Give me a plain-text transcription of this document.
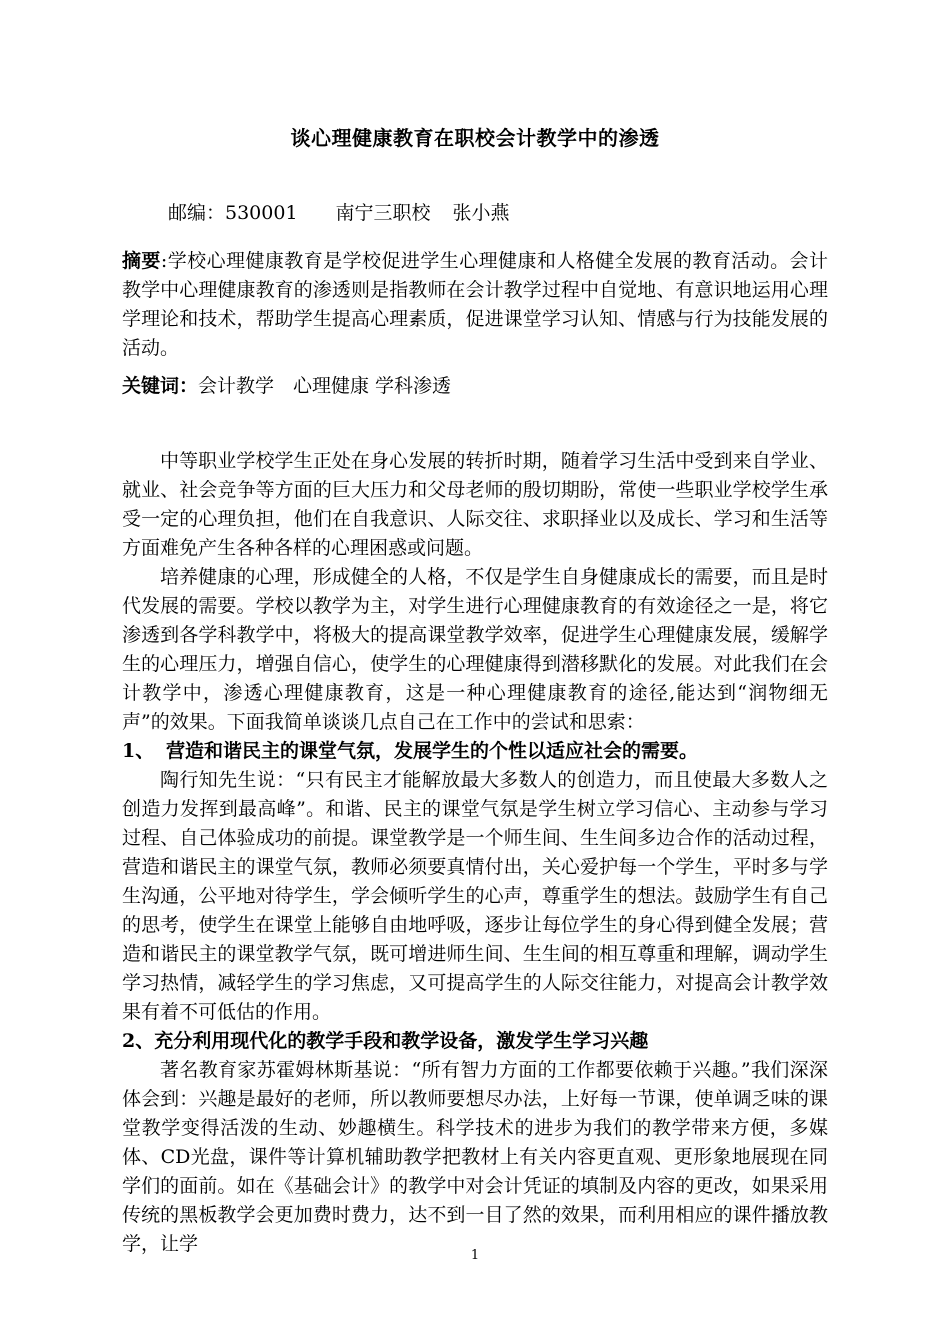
谈心理健康教育在职校会计教学中的渗透
邮编：530001 南宁三职校 张小燕
摘要:学校心理健康教育是学校促进学生心理健康和人格健全发展的教育活动。会计教学中心理健康教育的渗透则是指教师在会计教学过程中自觉地、有意识地运用心理学理论和技术，帮助学生提高心理素质，促进课堂学习认知、情感与行为技能发展的活动。
关键词：会计教学　心理健康 学科渗透

中等职业学校学生正处在身心发展的转折时期，随着学习生活中受到来自学业、就业、社会竞争等方面的巨大压力和父母老师的殷切期盼，常使一些职业学校学生承受一定的心理负担，他们在自我意识、人际交往、求职择业以及成长、学习和生活等方面难免产生各种各样的心理困惑或问题。

培养健康的心理，形成健全的人格，不仅是学生自身健康成长的需要，而且是时代发展的需要。学校以教学为主，对学生进行心理健康教育的有效途径之一是，将它渗透到各学科教学中，将极大的提高课堂教学效率，促进学生心理健康发展，缓解学生的心理压力，增强自信心，使学生的心理健康得到潜移默化的发展。对此我们在会计教学中，渗透心理健康教育，这是一种心理健康教育的途径,能达到“润物细无声”的效果。下面我简单谈谈几点自己在工作中的尝试和思索：

1、 营造和谐民主的课堂气氛，发展学生的个性以适应社会的需要。

陶行知先生说：“只有民主才能解放最大多数人的创造力，而且使最大多数人之创造力发挥到最高峰”。和谐、民主的课堂气氛是学生树立学习信心、主动参与学习过程、自己体验成功的前提。课堂教学是一个师生间、生生间多边合作的活动过程，营造和谐民主的课堂气氛，教师必须要真情付出，关心爱护每一个学生，平时多与学生沟通，公平地对待学生，学会倾听学生的心声，尊重学生的想法。鼓励学生有自己的思考，使学生在课堂上能够自由地呼吸，逐步让每位学生的身心得到健全发展；营造和谐民主的课堂教学气氛，既可增进师生间、生生间的相互尊重和理解，调动学生学习热情，减轻学生的学习焦虑，又可提高学生的人际交往能力，对提高会计教学效果有着不可低估的作用。

2、充分利用现代化的教学手段和教学设备，激发学生学习兴趣

著名教育家苏霍姆林斯基说：“所有智力方面的工作都要依赖于兴趣。”我们深深体会到：兴趣是最好的老师，所以教师要想尽办法，上好每一节课，使单调乏味的课堂教学变得活泼的生动、妙趣横生。科学技术的进步为我们的教学带来方便，多媒体、CD光盘，课件等计算机辅助教学把教材上有关内容更直观、更形象地展现在同学们的面前。如在《基础会计》的教学中对会计凭证的填制及内容的更改，如果采用传统的黑板教学会更加费时费力，达不到一目了然的效果，而利用相应的课件播放教学，让学

1
